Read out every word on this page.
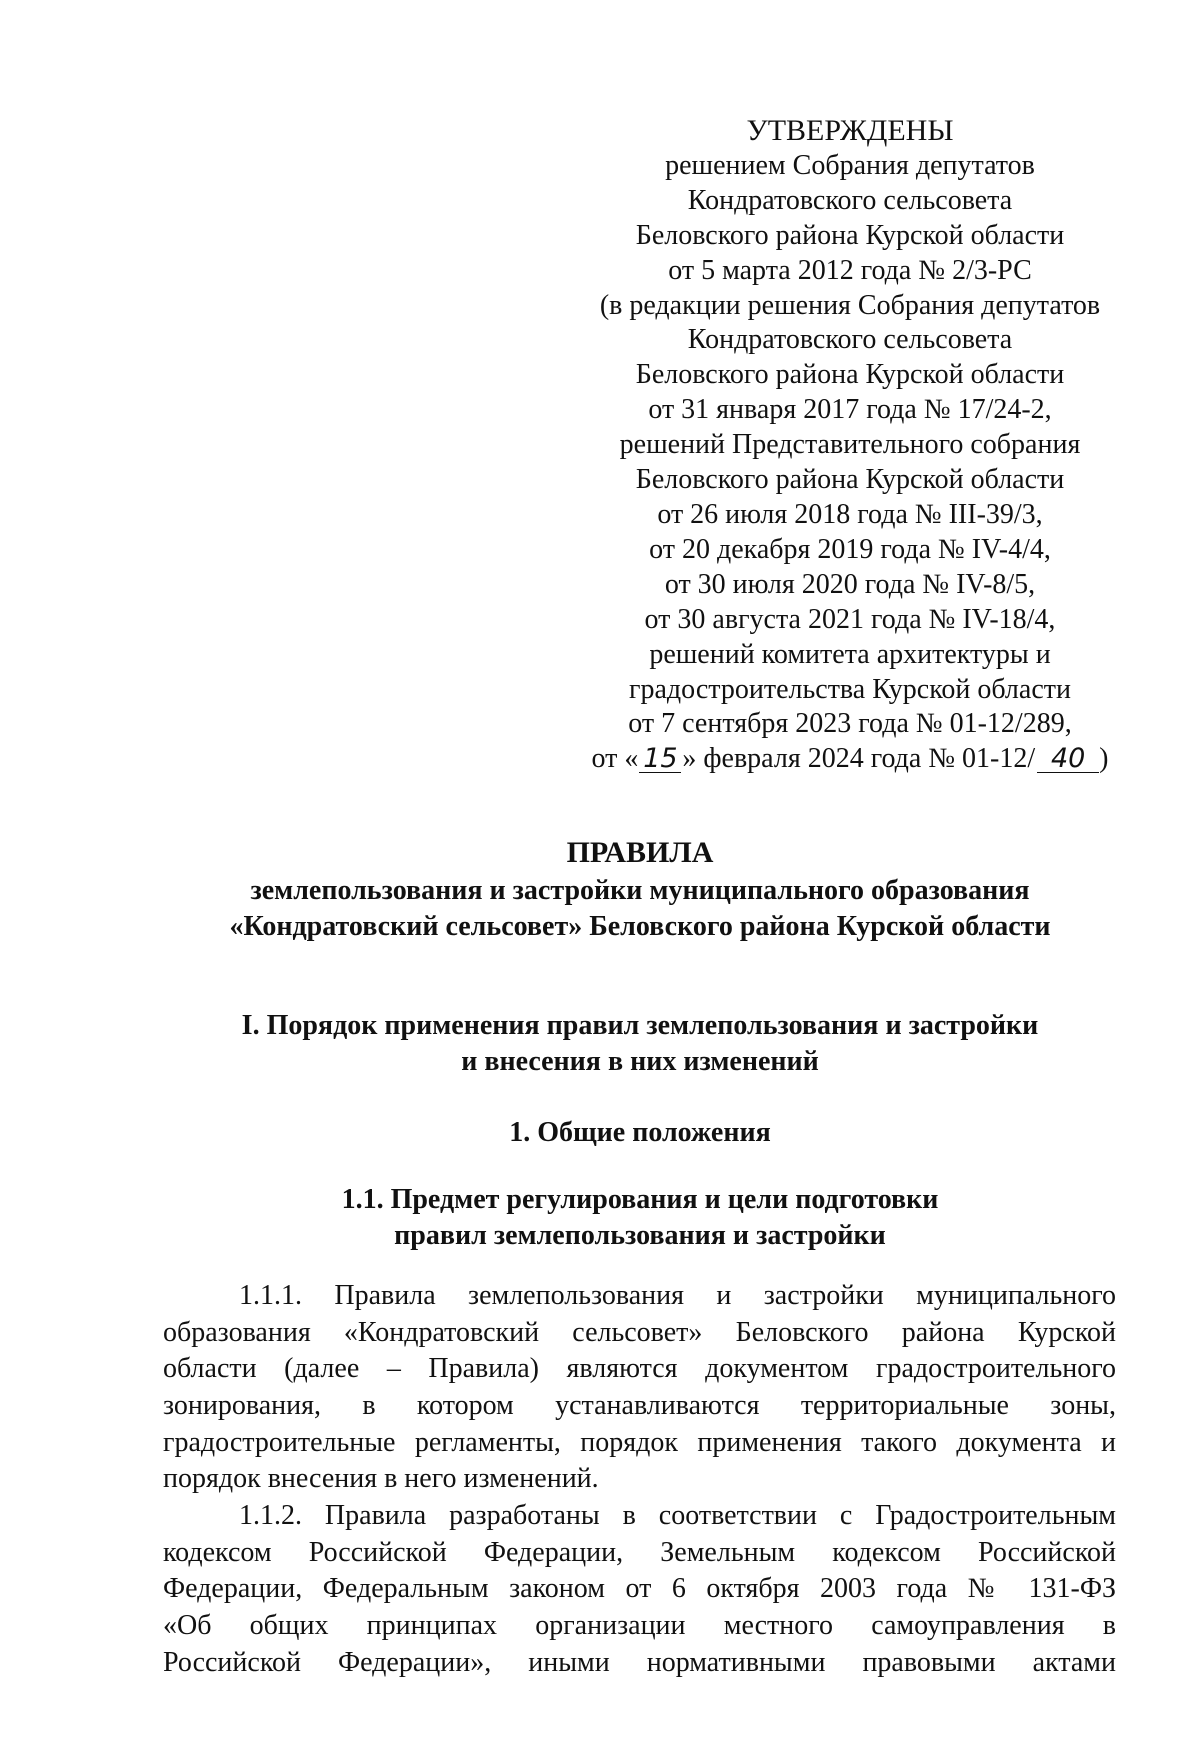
УТВЕРЖДЕНЫ
решением Собрания депутатов
Кондратовского сельсовета
Беловского района Курской области
от 5 марта 2012 года № 2/3-РС
(в редакции решения Собрания депутатов
Кондратовского сельсовета
Беловского района Курской области
от 31 января 2017 года № 17/24-2,
решений Представительного собрания
Беловского района Курской области
от 26 июля 2018 года № III-39/3,
от 20 декабря 2019 года № IV-4/4,
от 30 июля 2020 года № IV-8/5,
от 30 августа 2021 года № IV-18/4,
решений комитета архитектуры и
градостроительства Курской области
от 7 сентября 2023 года № 01-12/289,
от « 15 » февраля 2024 года № 01-12/ 40 )
ПРАВИЛА
землепользования и застройки муниципального образования
«Кондратовский сельсовет» Беловского района Курской области
I. Порядок применения правил землепользования и застройки
и внесения в них изменений
1. Общие положения
1.1. Предмет регулирования и цели подготовки
правил землепользования и застройки
1.1.1. Правила землепользования и застройки муниципального
образования «Кондратовский сельсовет» Беловского района Курской
области (далее – Правила) являются документом градостроительного
зонирования, в котором устанавливаются территориальные зоны,
градостроительные регламенты, порядок применения такого документа и
порядок внесения в него изменений.
1.1.2. Правила разработаны в соответствии с Градостроительным
кодексом Российской Федерации, Земельным кодексом Российской
Федерации, Федеральным законом от 6 октября 2003 года № 131-ФЗ
«Об общих принципах организации местного самоуправления в
Российской Федерации», иными нормативными правовыми актами
